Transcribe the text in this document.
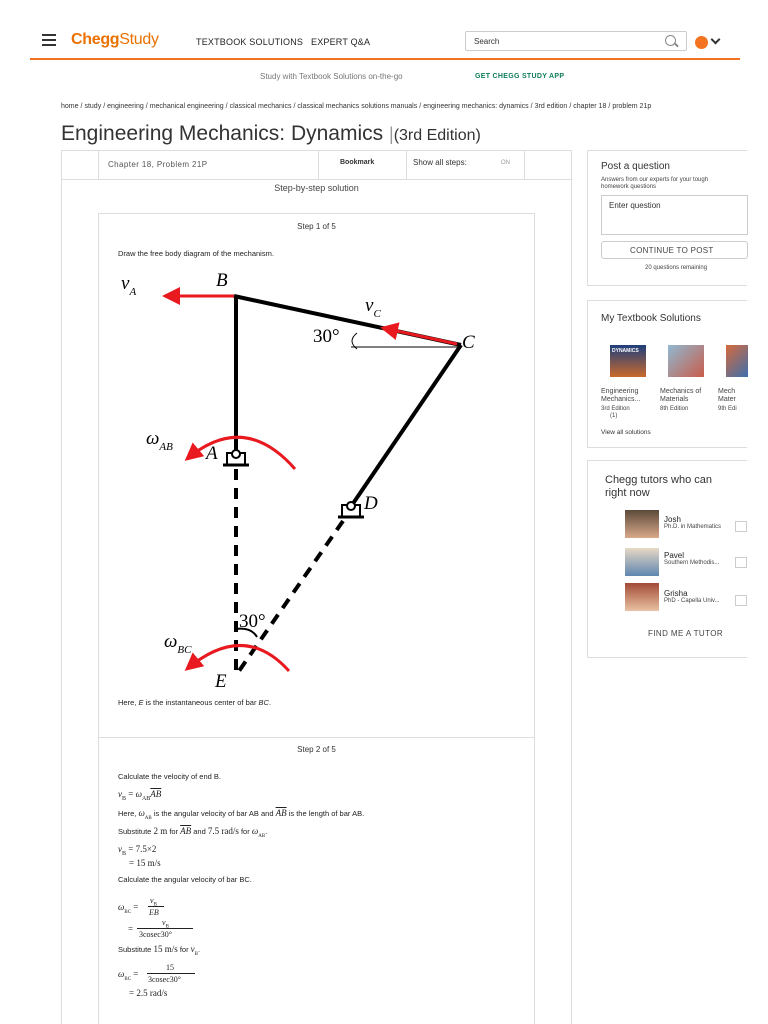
CheggStudy	TEXTBOOK SOLUTIONS EXPERT Q&A
Search
Study with Textbook Solutions on-the-go	GET CHEGG STUDY APP
home / study / engineering / mechanical engineering / classical mechanics / classical mechanics solutions manuals / engineering mechanics: dynamics / 3rd edition / chapter 18 / problem 21p
Engineering Mechanics: Dynamics |(3rd Edition)
Chapter 18, Problem 21P	Bookmark	Show all steps:	ON
Step-by-step solution
Step 1 of 5
Draw the free body diagram of the mechanism.
$v_A$
B
$v_C$
C
$\omega_{AB}$ A
D
$\omega_{BC}$
E
30°
30°
Here, E is the instantaneous center of bar BC.
Step 2 of 5
Calculate the velocity of end B.
$v_B = \omega_{AB}\overline{AB}$
Here, $\omega_{AB}$ is the angular velocity of bar AB and $\overline{AB}$ is the length of bar AB.
Substitute 2 m for $\overline{AB}$ and 7.5 rad/s for $\omega_{AB}$.
$v_B = 7.5\times 2$
= 15 m/s
Calculate the angular velocity of bar BC.
$\omega_{BC}$ =
$v_B$
EB
=
$v_B$
3cosec30°
Substitute 15 m/s for $v_B$.
$\omega_{BC}$ =
15
3cosec30°
= 2.5 rad/s
Post a question
Answers from our experts for your tough
homework questions
Enter question
CONTINUE TO POST
20 questions remaining
My Textbook Solutions
DYNAMICS
Engineering
Mechanics...
3rd Edition
(1)
Mechanics of
Materials
8th Edition
Mech
Mater
9th Edi
View all solutions
Chegg tutors who can
right now
Josh
Ph.D. in Mathematics
Pavel
Southern Methodis...
Grisha
PhD - Capella Univ...
FIND ME A TUTOR
